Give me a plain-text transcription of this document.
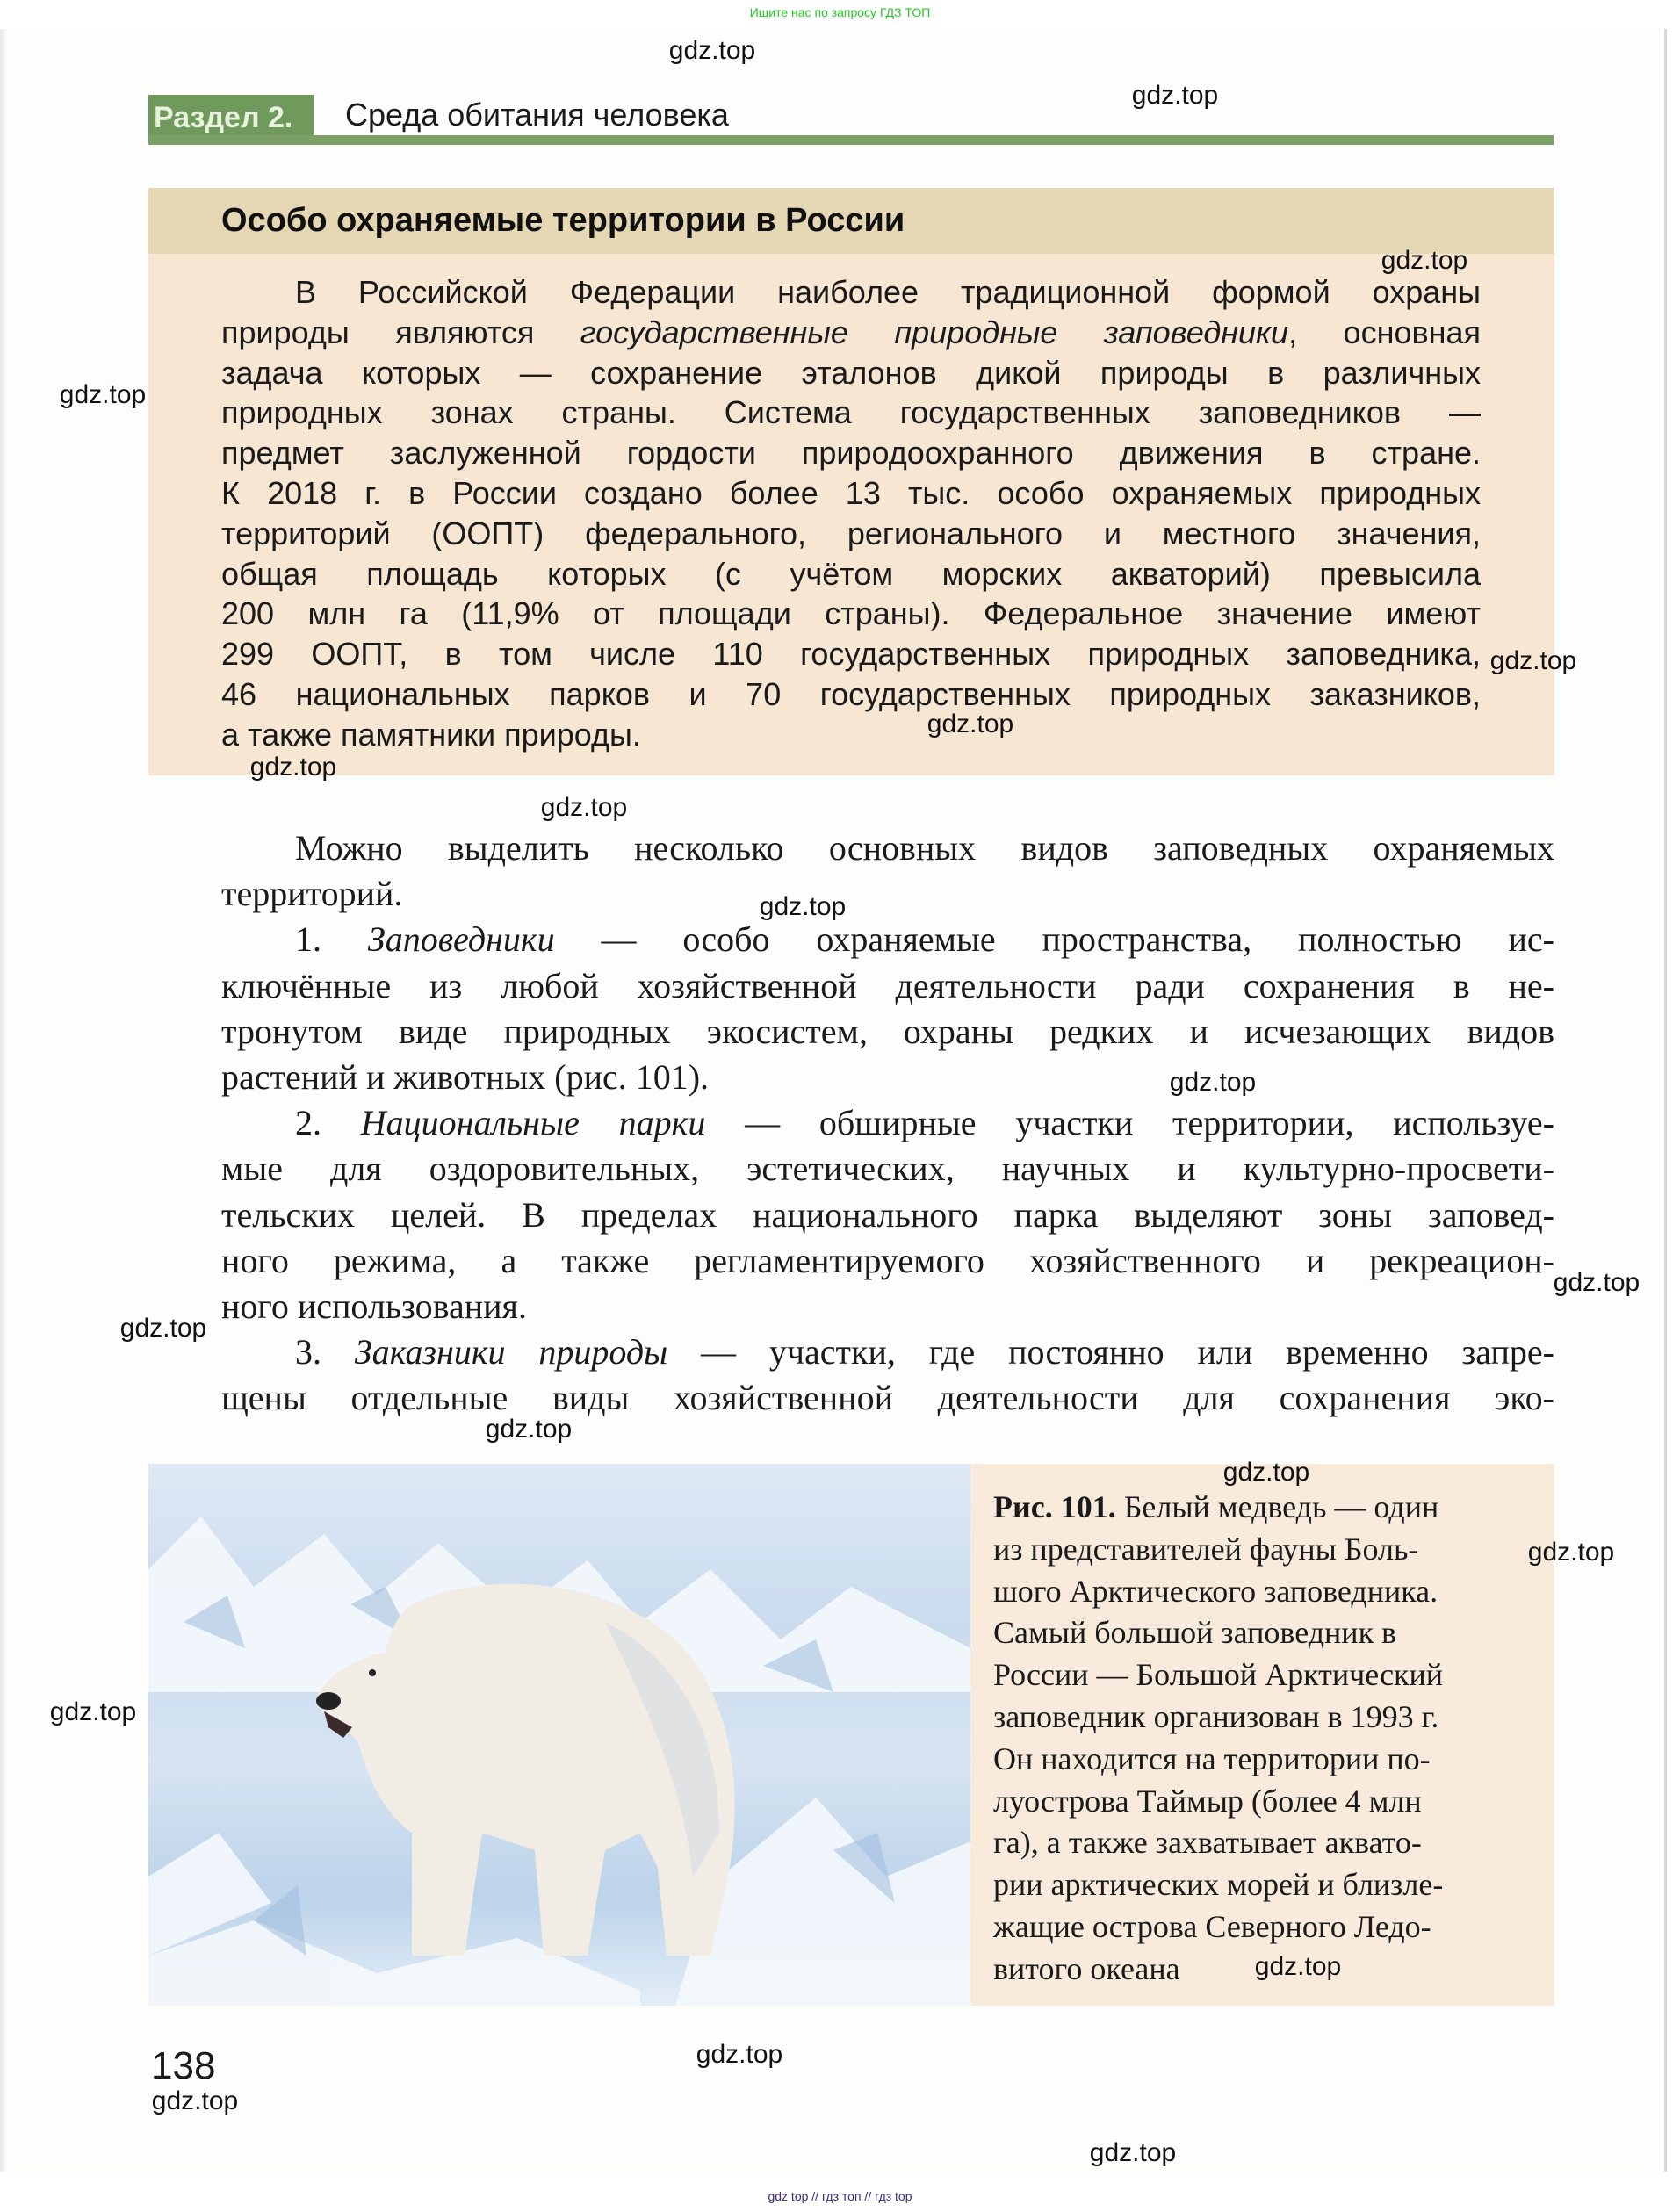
Ищите нас по запросу ГДЗ ТОП
Раздел 2.	Среда обитания человека
Особо охраняемые территории в России
В Российской Федерации наиболее традиционной формой охраны
природы являются государственные природные заповедники, основная
задача которых — сохранение эталонов дикой природы в различных
природных зонах страны. Система государственных заповедников —
предмет заслуженной гордости природоохранного движения в стране.
К 2018 г. в России создано более 13 тыс. особо охраняемых природных
территорий (ООПТ) федерального, регионального и местного значения,
общая площадь которых (с учётом морских акваторий) превысила
200 млн га (11,9% от площади страны). Федеральное значение имеют
299 ООПТ, в том числе 110 государственных природных заповедника,
46 национальных парков и 70 государственных природных заказников,
а также памятники природы.
Можно выделить несколько основных видов заповедных охраняемых
территорий.
1. Заповедники — особо охраняемые пространства, полностью ис-
ключённые из любой хозяйственной деятельности ради сохранения в не-
тронутом виде природных экосистем, охраны редких и исчезающих видов
растений и животных (рис. 101).
2. Национальные парки — обширные участки территории, используе-
мые для оздоровительных, эстетических, научных и культурно-просвети-
тельских целей. В пределах национального парка выделяют зоны заповед-
ного режима, а также регламентируемого хозяйственного и рекреацион-
ного использования.
3. Заказники природы — участки, где постоянно или временно запре-
щены отдельные виды хозяйственной деятельности для сохранения эко-
Рис. 101. Белый медведь — один
из представителей фауны Боль-
шого Арктического заповедника.
Самый большой заповедник в
России — Большой Арктический
заповедник организован в 1993 г.
Он находится на территории по-
луострова Таймыр (более 4 млн
га), а также захватывает аквато-
рии арктических морей и близле-
жащие острова Северного Ледо-
витого океана
138
gdz.top
gdz.top
gdz.top
gdz.top
gdz.top
gdz.top
gdz.top
gdz.top
gdz.top
gdz.top
gdz.top
gdz.top
gdz.top
gdz.top
gdz.top
gdz.top
gdz.top
gdz.top
gdz.top
gdz.top
gdz top // гдз топ // гдз top
